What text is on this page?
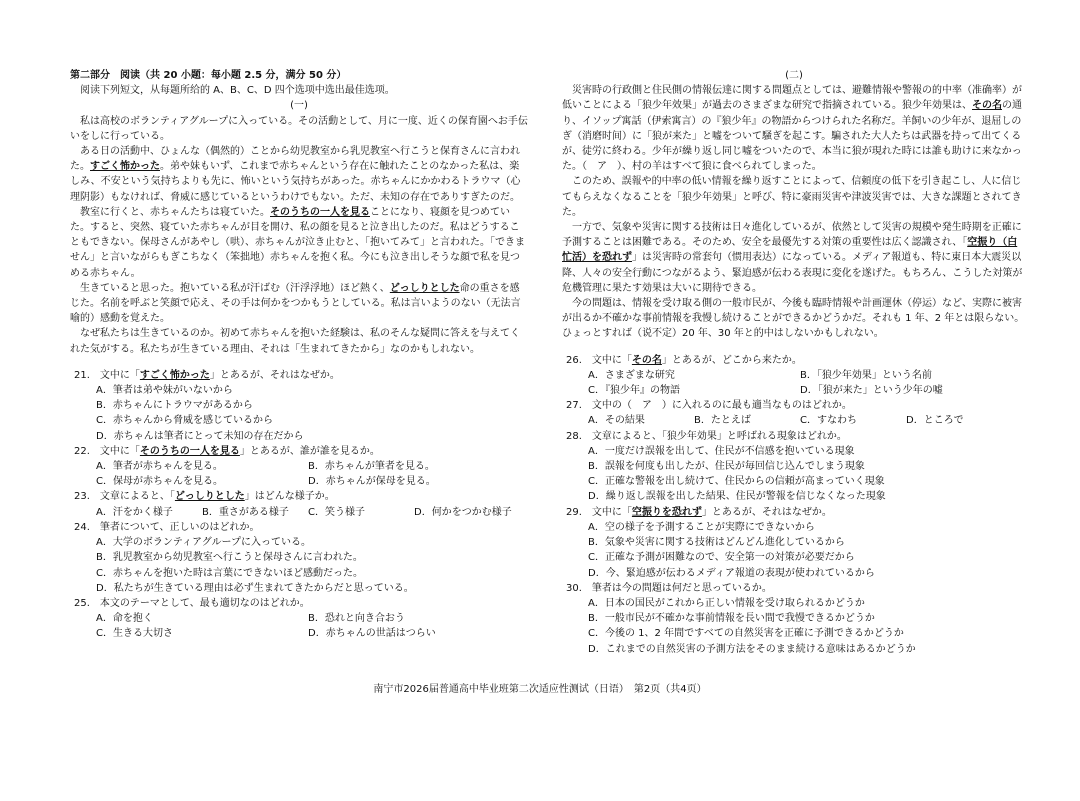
第二部分　阅读（共 20 小题：每小题 2.5 分，满分 50 分）

阅读下列短文，从每题所给的 A、B、C、D 四个选项中选出最佳选项。

(一)

私は高校のボランティアグループに入っている。その活動として、月に一度、近くの保育園へお手伝いをしに行っている。

ある日の活動中、ひょんな（偶然的）ことから幼児教室から乳児教室へ行こうと保育さんに言われた。すごく怖かった。弟や妹もいず、これまで赤ちゃんという存在に触れたことのなかった私は、楽しみ、不安という気持ちよりも先に、怖いという気持ちがあった。赤ちゃんにかかわるトラウマ（心理阴影）もなければ、脅威に感じているというわけでもない。ただ、未知の存在でありすぎたのだ。

教室に行くと、赤ちゃんたちは寝ていた。そのうちの一人を見ることになり、寝顔を見つめていた。すると、突然、寝ていた赤ちゃんが目を開け、私の顔を見ると泣き出したのだ。私はどうすることもできない。保母さんがあやし（哄）、赤ちゃんが泣き止むと、「抱いてみて」と言われた。「できません」と言いながらもぎこちなく（笨拙地）赤ちゃんを抱く私。今にも泣き出しそうな顔で私を見つめる赤ちゃん。

生きていると思った。抱いている私が汗ばむ（汗浮浮地）ほど熱く、どっしりとした命の重さを感じた。名前を呼ぶと笑顔で応え、その手は何かをつかもうとしている。私は言いようのない（无法言喻的）感動を覚えた。

なぜ私たちは生きているのか。初めて赤ちゃんを抱いた経験は、私のそんな疑問に答えを与えてくれた気がする。私たちが生きている理由、それは「生まれてきたから」なのかもしれない。

21.　文中に「すごく怖かった」とあるが、それはなぜか。

A．筆者は弟や妹がいないから

B．赤ちゃんにトラウマがあるから

C．赤ちゃんから脅威を感じているから

D．赤ちゃんは筆者にとって未知の存在だから

22.　文中に「そのうちの一人を見る」とあるが、誰が誰を見るか。

A．筆者が赤ちゃんを見る。	B．赤ちゃんが筆者を見る。
C．保母が赤ちゃんを見る。	D．赤ちゃんが保母を見る。

23.　文章によると、「どっしりとした」はどんな様子か。

A．汗をかく様子	B．重さがある様子	C．笑う様子	D．何かをつかむ様子

24.　筆者について、正しいのはどれか。

A．大学のボランティアグループに入っている。

B．乳児教室から幼児教室へ行こうと保母さんに言われた。

C．赤ちゃんを抱いた時は言葉にできないほど感動だった。

D．私たちが生きている理由は必ず生まれてきたからだと思っている。

25.　本文のテーマとして、最も適切なのはどれか。

A．命を抱く	B．恐れと向き合おう
C．生きる大切さ	D．赤ちゃんの世話はつらい

(二)

災害時の行政側と住民側の情報伝達に関する問題点としては、避難情報や警報の的中率（准确率）が低いことによる「狼少年效果」が過去のさまざまな研究で指摘されている。狼少年効果は、その名の通り、イソップ寓話（伊索寓言）の『狼少年』の物語からつけられた名称だ。羊飼いの少年が、退屈しのぎ（消磨时间）に「狼が来た」と嘘をついて騒ぎを起こす。騙された大人たちは武器を持って出てくるが、徒労に終わる。少年が繰り返し同じ嘘をついたので、本当に狼が現れた時には誰も助けに来なかった。（　ア　）、村の羊はすべて狼に食べられてしまった。

このため、誤報や的中率の低い情報を繰り返すことによって、信頼度の低下を引き起こし、人に信じてもらえなくなることを「狼少年効果」と呼び、特に豪雨災害や津波災害では、大きな課題とされてきた。

一方で、気象や災害に関する技術は日々進化しているが、依然として災害の規模や発生時期を正確に予測することは困難である。そのため、安全を最優先する対策の重要性は広く認識され、「空振り（白忙活）を恐れず」は災害時の常套句（惯用表达）になっている。メディア報道も、特に東日本大震災以降、人々の安全行動につながるよう、緊迫感が伝わる表現に変化を遂げた。もちろん、こうした対策が危機管理に果たす効果は大いに期待できる。

今の問題は、情報を受け取る側の一般市民が、今後も臨時情報や計画運休（停运）など、実際に被害が出るか不確かな事前情報を我慢し続けることができるかどうかだ。それも 1 年、2 年とは限らない。ひょっとすれば（说不定）20 年、30 年と的中はしないかもしれない。

26.　文中に「その名」とあるが、どこから来たか。

A．さまざまな研究	B．「狼少年効果」という名前
C．『狼少年』の物語	D．「狼が来た」という少年の嘘

27.　文中の（　ア　）に入れるのに最も適当なものはどれか。

A．その結果	B．たとえば	C．すなわち	D．ところで

28.　文章によると、「狼少年効果」と呼ばれる現象はどれか。

A．一度だけ誤報を出して、住民が不信感を抱いている現象

B．誤報を何度も出したが、住民が毎回信じ込んでしまう現象

C．正確な警報を出し続けて、住民からの信頼が高まっていく現象

D．繰り返し誤報を出した結果、住民が警報を信じなくなった現象

29.　文中に「空振りを恐れず」とあるが、それはなぜか。

A．空の様子を予測することが実際にできないから

B．気象や災害に関する技術はどんどん進化しているから

C．正確な予測が困難なので、安全第一の対策が必要だから

D．今、緊迫感が伝わるメディア報道の表現が使われているから

30.　筆者は今の問題は何だと思っているか。

A．日本の国民がこれから正しい情報を受け取られるかどうか

B．一般市民が不確かな事前情報を長い間で我慢できるかどうか

C．今後の 1、2 年間ですべての自然災害を正確に予測できるかどうか

D．これまでの自然災害の予測方法をそのまま続ける意味はあるかどうか

南宁市2026届普通高中毕业班第二次适应性测试（日语）　第2页（共4页）
